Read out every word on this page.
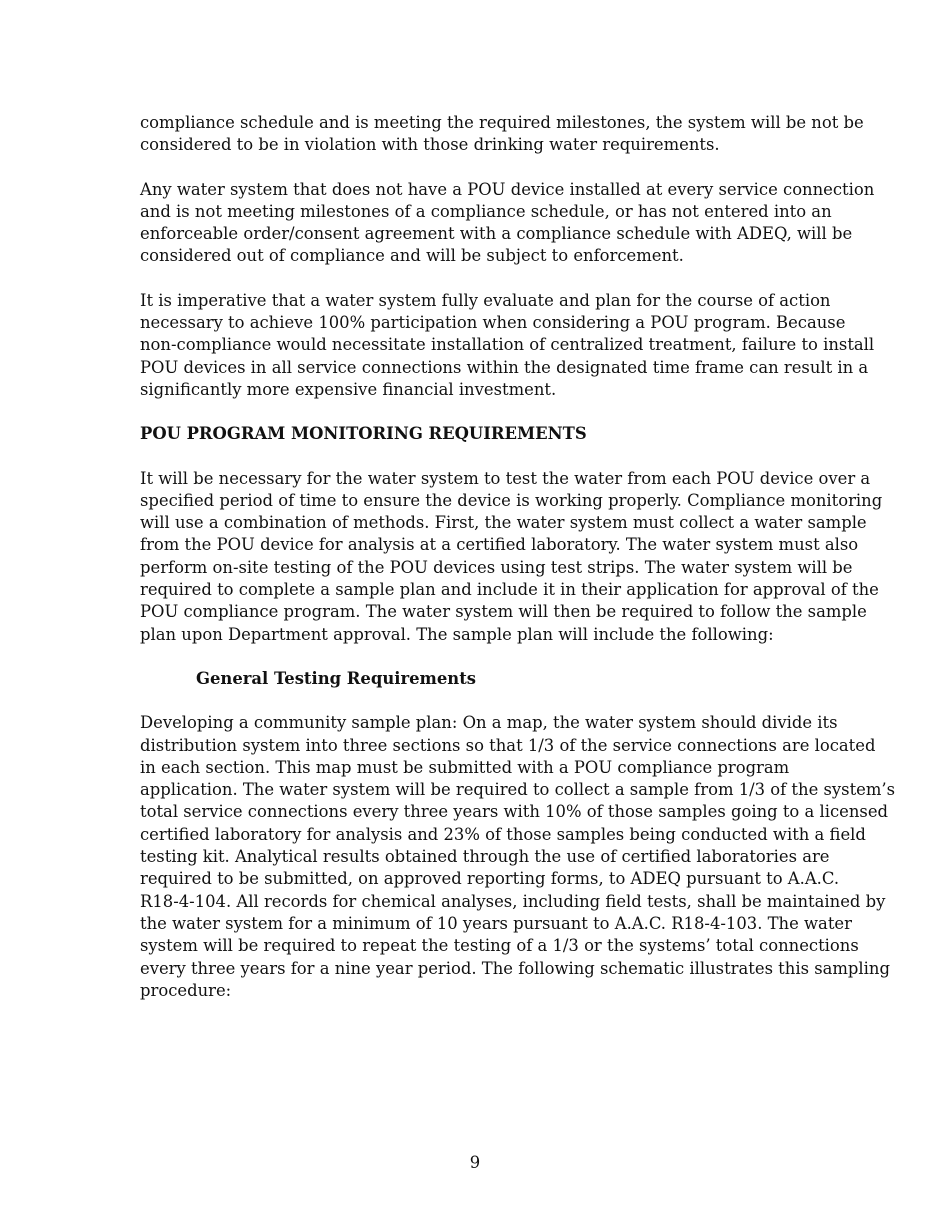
compliance schedule and is meeting the required milestones, the system will be not be
considered to be in violation with those drinking water requirements.

Any water system that does not have a POU device installed at every service connection
and is not meeting milestones of a compliance schedule, or has not entered into an
enforceable order/consent agreement with a compliance schedule with ADEQ, will be
considered out of compliance and will be subject to enforcement.

It is imperative that a water system fully evaluate and plan for the course of action
necessary to achieve 100% participation when considering a POU program. Because
non-compliance would necessitate installation of centralized treatment, failure to install
POU devices in all service connections within the designated time frame can result in a
significantly more expensive financial investment.

POU PROGRAM MONITORING REQUIREMENTS

It will be necessary for the water system to test the water from each POU device over a
specified period of time to ensure the device is working properly. Compliance monitoring
will use a combination of methods. First, the water system must collect a water sample
from the POU device for analysis at a certified laboratory. The water system must also
perform on-site testing of the POU devices using test strips. The water system will be
required to complete a sample plan and include it in their application for approval of the
POU compliance program. The water system will then be required to follow the sample
plan upon Department approval. The sample plan will include the following:

General Testing Requirements

Developing a community sample plan: On a map, the water system should divide its
distribution system into three sections so that 1/3 of the service connections are located
in each section. This map must be submitted with a POU compliance program
application. The water system will be required to collect a sample from 1/3 of the system’s
total service connections every three years with 10% of those samples going to a licensed
certified laboratory for analysis and 23% of those samples being conducted with a field
testing kit. Analytical results obtained through the use of certified laboratories are
required to be submitted, on approved reporting forms, to ADEQ pursuant to A.A.C.
R18-4-104. All records for chemical analyses, including field tests, shall be maintained by
the water system for a minimum of 10 years pursuant to A.A.C. R18-4-103. The water
system will be required to repeat the testing of a 1/3 or the systems’ total connections
every three years for a nine year period. The following schematic illustrates this sampling
procedure:

9
